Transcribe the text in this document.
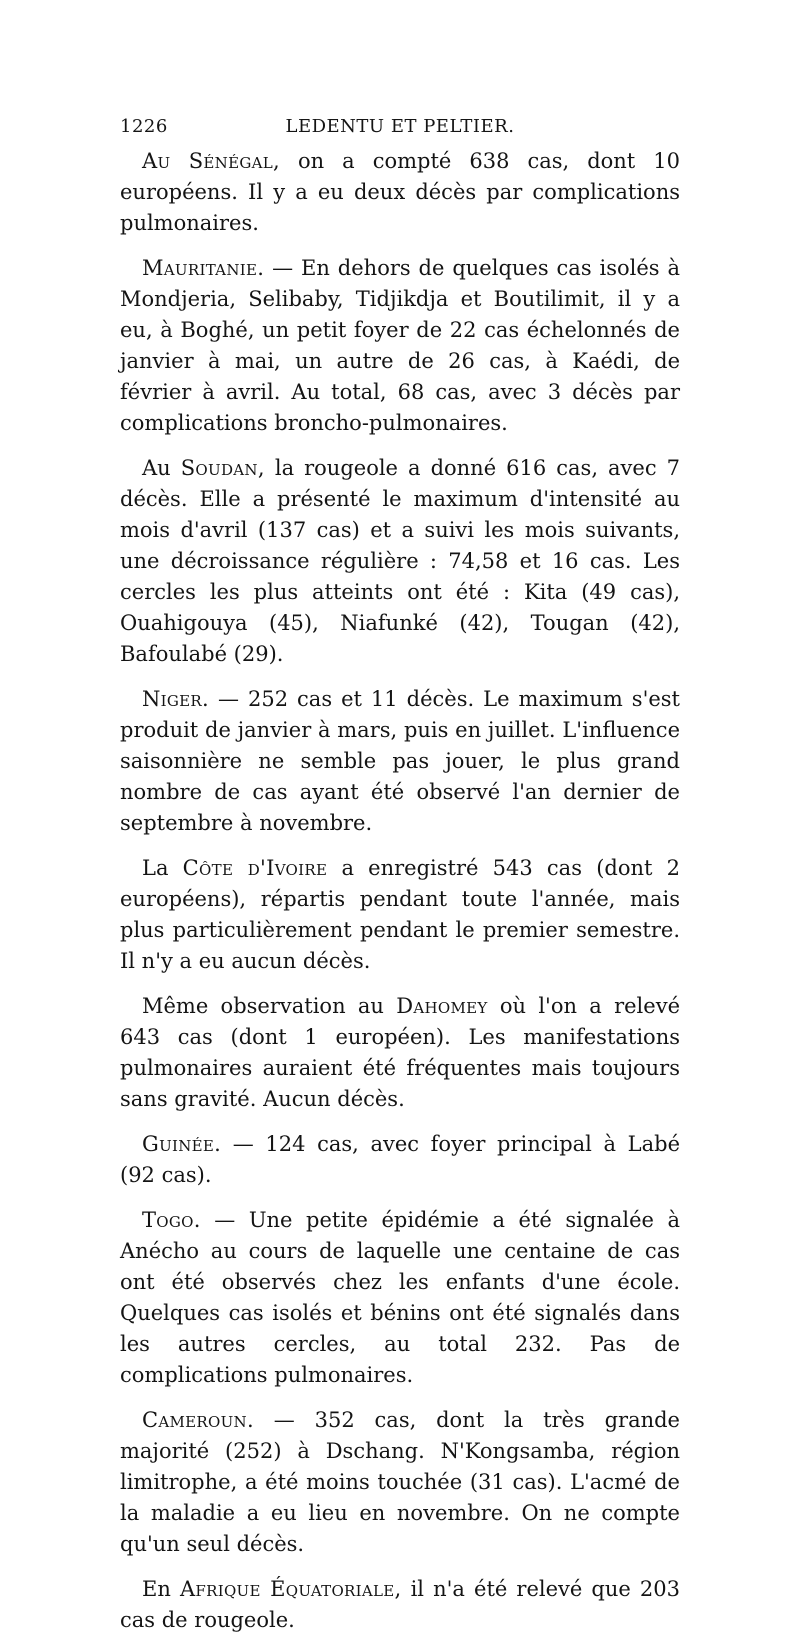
1226	LEDENTU ET PELTIER.

Au Sénégal, on a compté 638 cas, dont 10 européens. Il y a eu deux décès par complications pulmonaires.

Mauritanie. — En dehors de quelques cas isolés à Mondjeria, Selibaby, Tidjikdja et Boutilimit, il y a eu, à Boghé, un petit foyer de 22 cas échelonnés de janvier à mai, un autre de 26 cas, à Kaédi, de février à avril. Au total, 68 cas, avec 3 décès par complications broncho-pulmonaires.

Au Soudan, la rougeole a donné 616 cas, avec 7 décès. Elle a présenté le maximum d'intensité au mois d'avril (137 cas) et a suivi les mois suivants, une décroissance régulière : 74,58 et 16 cas. Les cercles les plus atteints ont été : Kita (49 cas), Ouahigouya (45), Niafunké (42), Tougan (42), Bafoulabé (29).

Niger. — 252 cas et 11 décès. Le maximum s'est produit de janvier à mars, puis en juillet. L'influence saisonnière ne semble pas jouer, le plus grand nombre de cas ayant été observé l'an dernier de septembre à novembre.

La Côte d'Ivoire a enregistré 543 cas (dont 2 européens), répartis pendant toute l'année, mais plus particulièrement pendant le premier semestre. Il n'y a eu aucun décès.

Même observation au Dahomey où l'on a relevé 643 cas (dont 1 européen). Les manifestations pulmonaires auraient été fréquentes mais toujours sans gravité. Aucun décès.

Guinée. — 124 cas, avec foyer principal à Labé (92 cas).

Togo. — Une petite épidémie a été signalée à Anécho au cours de laquelle une centaine de cas ont été observés chez les enfants d'une école. Quelques cas isolés et bénins ont été signalés dans les autres cercles, au total 232. Pas de complications pulmonaires.

Cameroun. — 352 cas, dont la très grande majorité (252) à Dschang. N'Kongsamba, région limitrophe, a été moins touchée (31 cas). L'acmé de la maladie a eu lieu en novembre. On ne compte qu'un seul décès.

En Afrique Équatoriale, il n'a été relevé que 203 cas de rougeole.
